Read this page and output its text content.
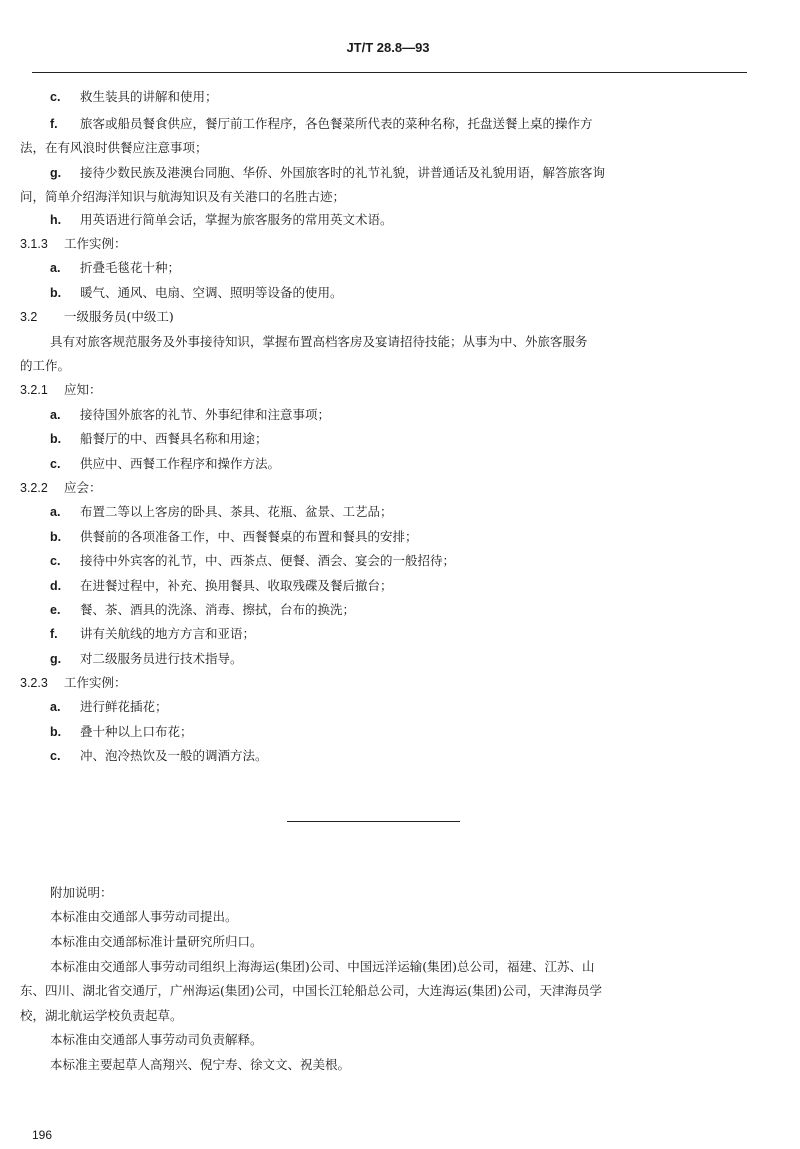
JT/T 28.8—93
c. 救生装具的讲解和使用；
f. 旅客或船员餐食供应，餐厅前工作程序，各色餐菜所代表的菜种名称，托盘送餐上桌的操作方
法，在有风浪时供餐应注意事项；
g. 接待少数民族及港澳台同胞、华侨、外国旅客时的礼节礼貌，讲普通话及礼貌用语，解答旅客询
问，简单介绍海洋知识与航海知识及有关港口的名胜古迹；
h. 用英语进行简单会话，掌握为旅客服务的常用英文术语。
3.1.3 工作实例：
a. 折叠毛毯花十种；
b. 暖气、通风、电扇、空调、照明等设备的使用。
3.2 一级服务员(中级工)
具有对旅客规范服务及外事接待知识，掌握布置高档客房及宴请招待技能；从事为中、外旅客服务
的工作。
3.2.1 应知：
a. 接待国外旅客的礼节、外事纪律和注意事项；
b. 船餐厅的中、西餐具名称和用途；
c. 供应中、西餐工作程序和操作方法。
3.2.2 应会：
a. 布置二等以上客房的卧具、茶具、花瓶、盆景、工艺品；
b. 供餐前的各项准备工作，中、西餐餐桌的布置和餐具的安排；
c. 接待中外宾客的礼节，中、西茶点、便餐、酒会、宴会的一般招待；
d. 在进餐过程中，补充、换用餐具、收取残碟及餐后撤台；
e. 餐、茶、酒具的洗涤、消毒、擦拭，台布的换洗；
f. 讲有关航线的地方方言和亚语；
g. 对二级服务员进行技术指导。
3.2.3 工作实例：
a. 进行鲜花插花；
b. 叠十种以上口布花；
c. 冲、泡冷热饮及一般的调酒方法。
附加说明：
本标准由交通部人事劳动司提出。
本标准由交通部标准计量研究所归口。
本标准由交通部人事劳动司组织上海海运(集团)公司、中国远洋运输(集团)总公司，福建、江苏、山
东、四川、湖北省交通厅，广州海运(集团)公司，中国长江轮船总公司，大连海运(集团)公司，天津海员学
校，湖北航运学校负责起草。
本标准由交通部人事劳动司负责解释。
本标准主要起草人高翔兴、倪宁寿、徐文文、祝美根。
196
